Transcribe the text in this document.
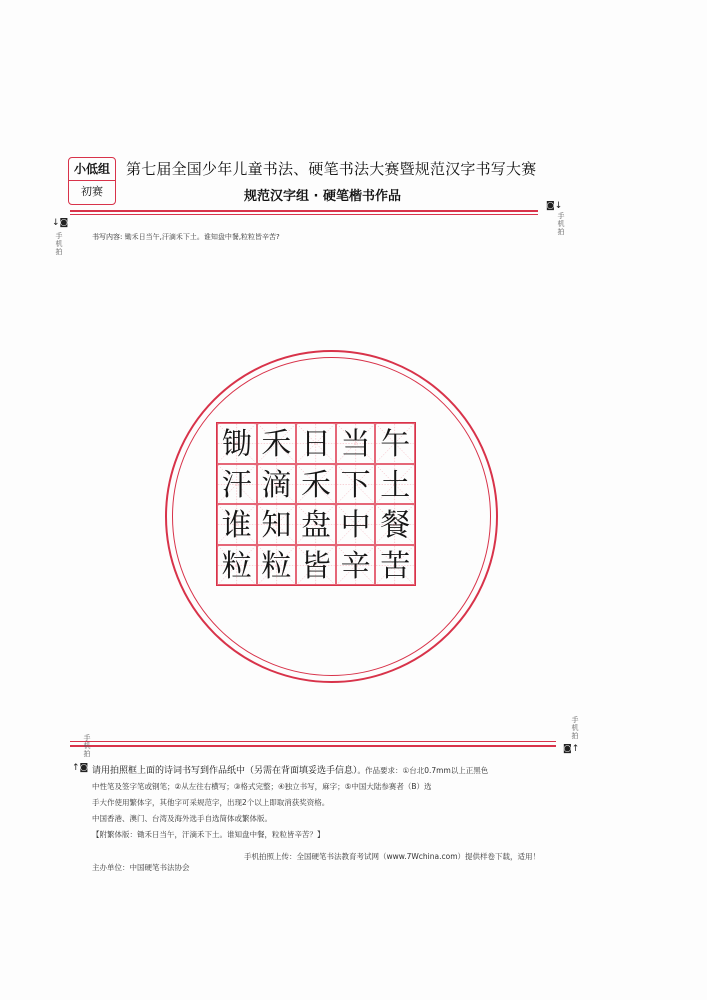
小低组
初赛
第七届全国少年儿童书法、硬笔书法大赛暨规范汉字书写大赛
规范汉字组 · 硬笔楷书作品
↓◙
◙↓
手机拍
手机拍
书写内容: 锄禾日当午,汗滴禾下土。谁知盘中餐,粒粒皆辛苦?
锄 禾 日 当 午
汗 滴 禾 下 土
谁 知 盘 中 餐
粒 粒 皆 辛 苦
手机拍
手机拍
↑◙
◙↑
请用拍照框上面的诗词书写到作品纸中（另需在背面填妥选手信息）。作品要求：①台北0.7mm以上正黑色
中性笔及签字笔或钢笔；②从左往右横写；③格式完整；④独立书写，麻字；⑤中国大陆参赛者（B）选
手大作使用繁体字，其他字可采规范字，出现2个以上即取消获奖资格。
中国香港、澳门、台湾及海外选手自选简体或繁体版。
【附繁体版：锄禾日当午，汗滴禾下土。谁知盘中餐，粒粒皆辛苦？】
主办单位：中国硬笔书法协会
手机拍照上传：全国硬笔书法教育考试网（www.7Wchina.com）提供样卷下载，适用！
